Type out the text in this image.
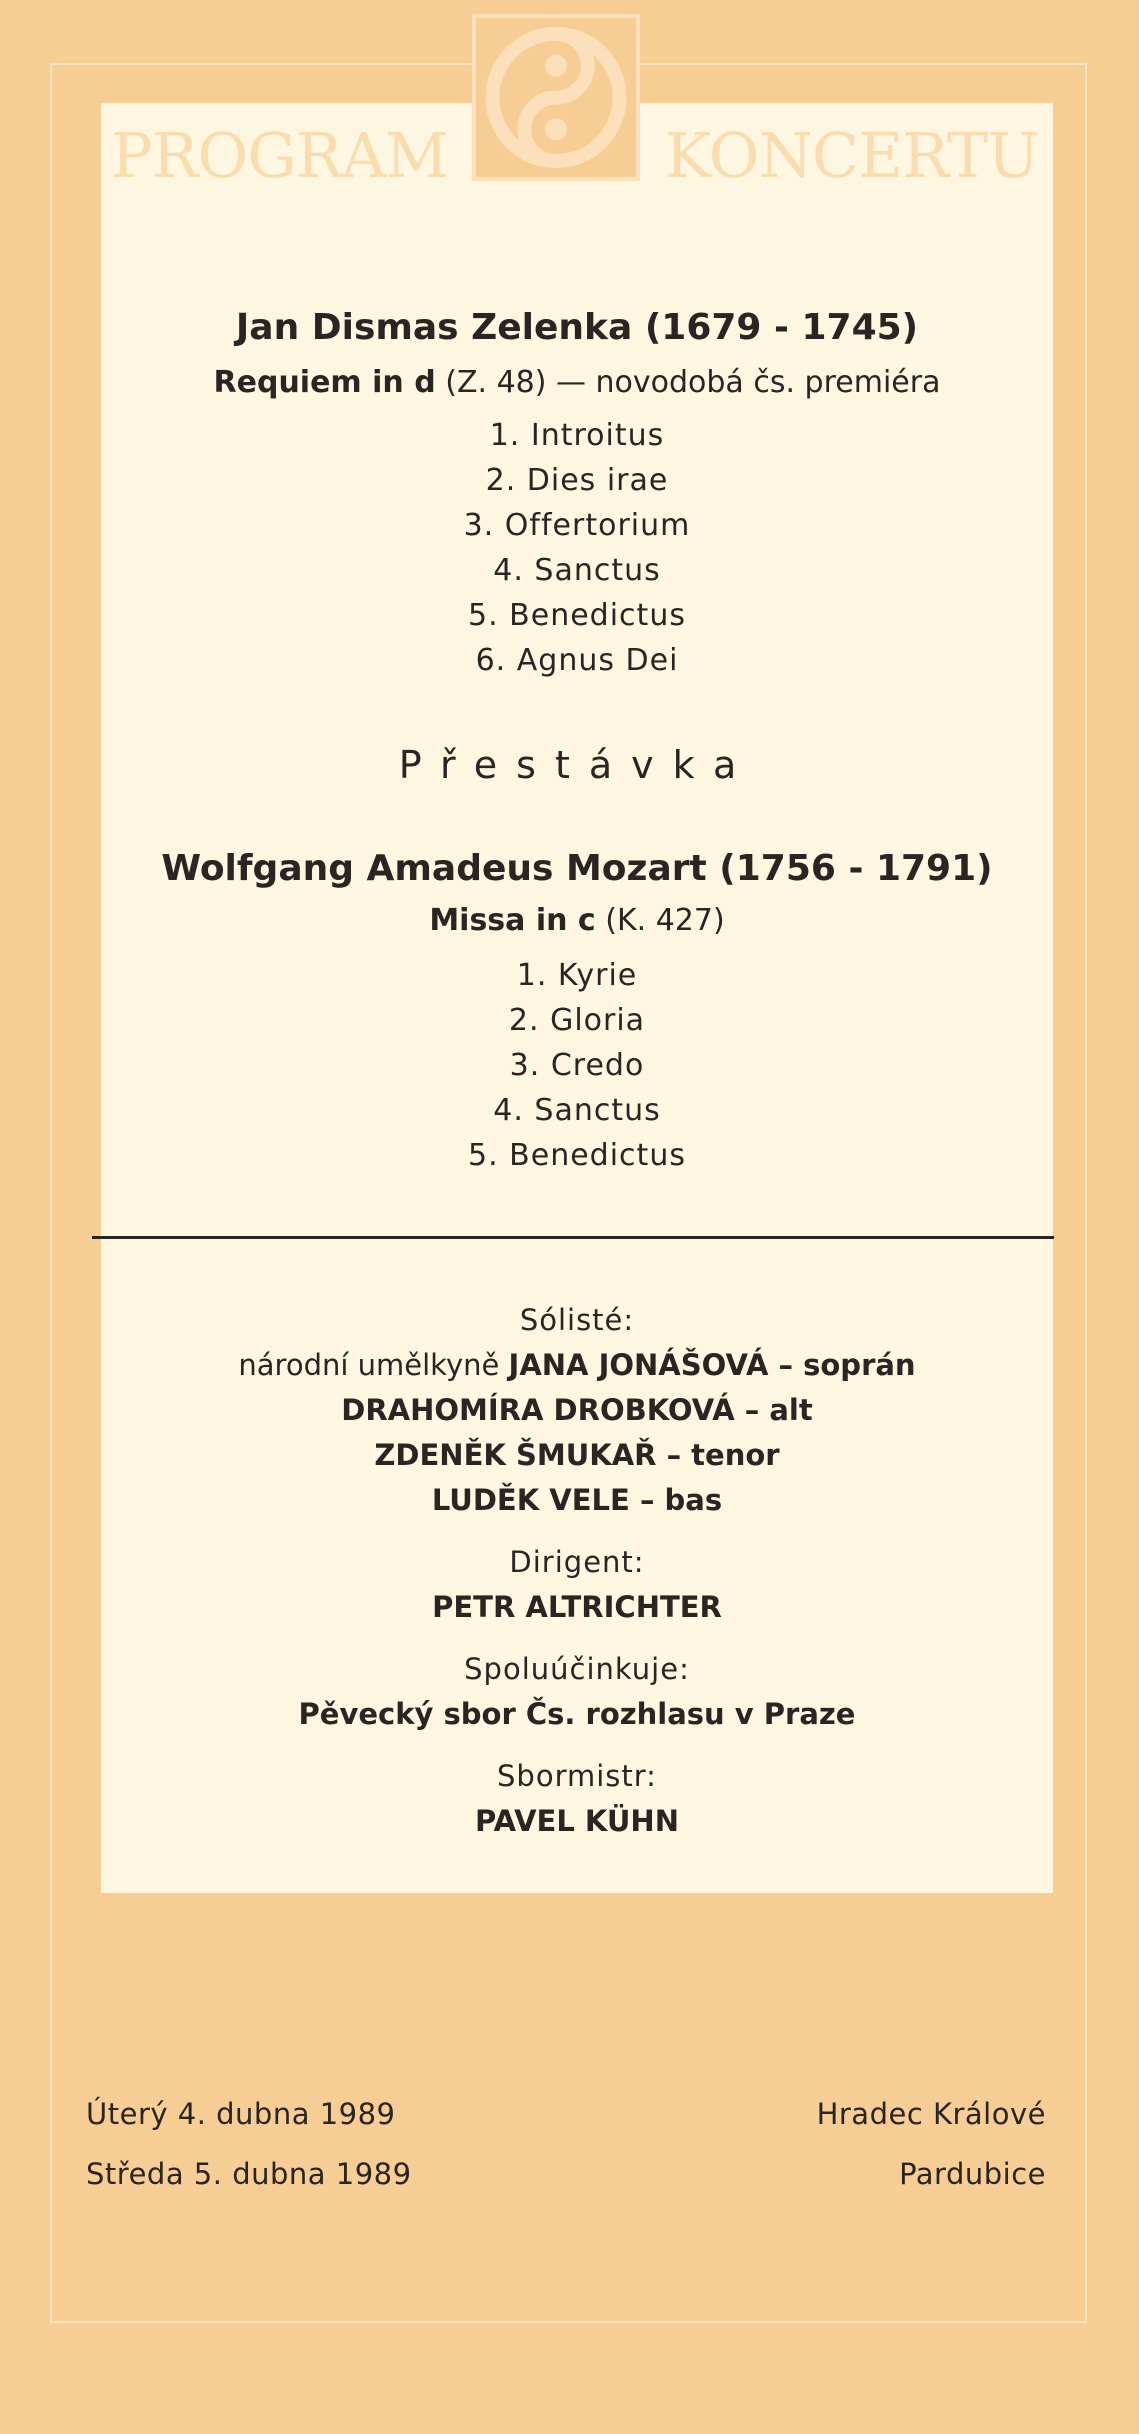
PROGRAM	KONCERTU
Jan Dismas Zelenka (1679 - 1745)
Requiem in d (Z. 48) — novodobá čs. premiéra
1. Introitus
2. Dies irae
3. Offertorium
4. Sanctus
5. Benedictus
6. Agnus Dei
Přestávka
Wolfgang Amadeus Mozart (1756 - 1791)
Missa in c (K. 427)
1. Kyrie
2. Gloria
3. Credo
4. Sanctus
5. Benedictus
Sólisté:
národní umělkyně JANA JONÁŠOVÁ – soprán
DRAHOMÍRA DROBKOVÁ – alt
ZDENĚK ŠMUKAŘ – tenor
LUDĚK VELE – bas
Dirigent:
PETR ALTRICHTER
Spoluúčinkuje:
Pěvecký sbor Čs. rozhlasu v Praze
Sbormistr:
PAVEL KÜHN
Úterý 4. dubna 1989	Hradec Králové
Středa 5. dubna 1989	Pardubice
